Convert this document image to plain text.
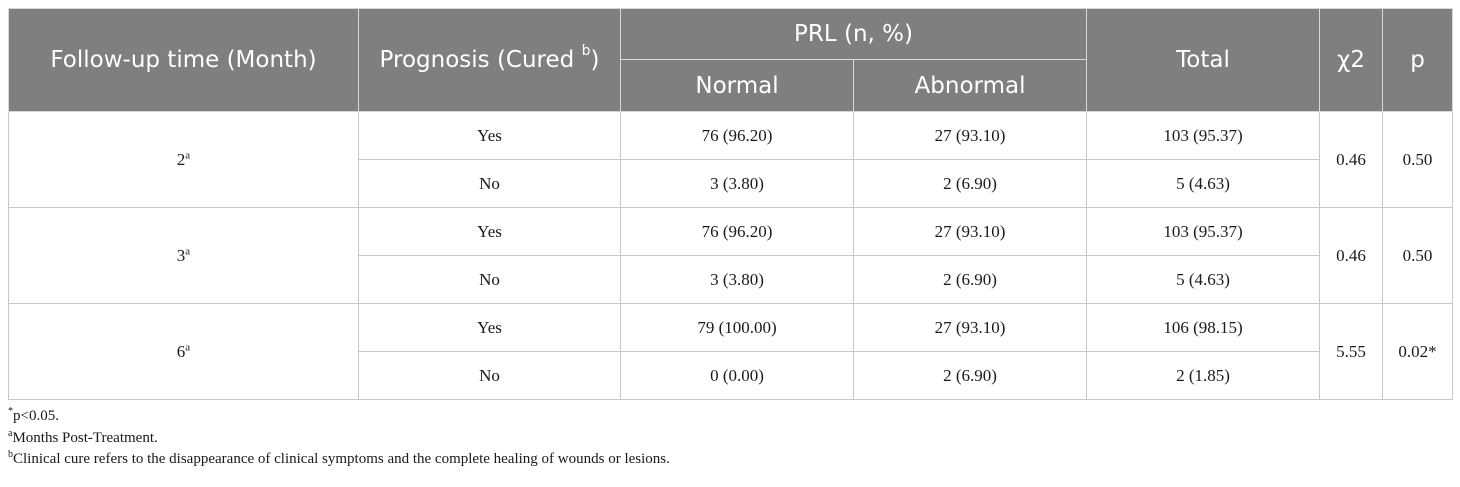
Follow-up time (Month)	Prognosis (Cured $^b$)	PRL (n, %)		Total	χ2	p
		Normal	Abnormal			
2$^a$	Yes	76 (96.20)	27 (93.10)	103 (95.37)	0.46	0.50
	No	3 (3.80)	2 (6.90)	5 (4.63)		
3$^a$	Yes	76 (96.20)	27 (93.10)	103 (95.37)	0.46	0.50
	No	3 (3.80)	2 (6.90)	5 (4.63)		
6$^a$	Yes	79 (100.00)	27 (93.10)	106 (98.15)	5.55	0.02*
	No	0 (0.00)	2 (6.90)	2 (1.85)		
*p<0.05.
$^a$Months Post-Treatment.
$^b$Clinical cure refers to the disappearance of clinical symptoms and the complete healing of wounds or lesions.
